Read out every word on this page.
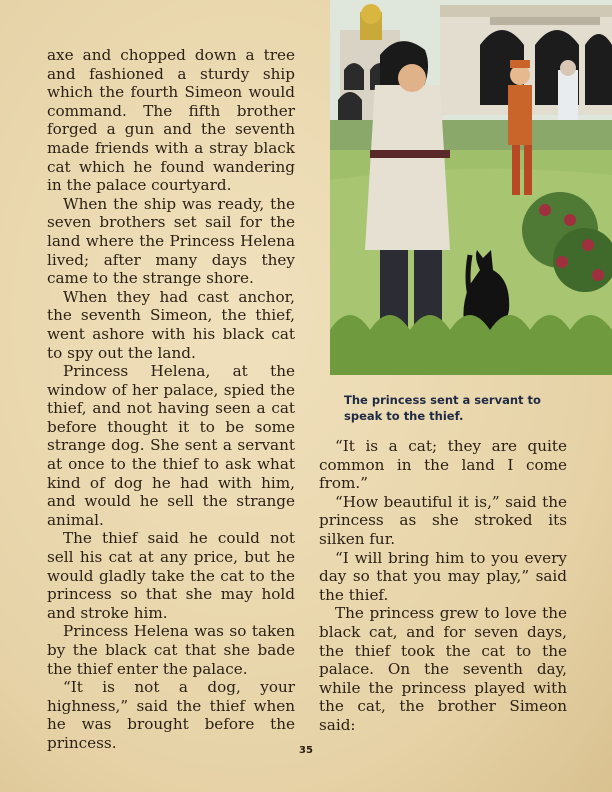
axe and chopped down a tree and fashioned a sturdy ship which the fourth Simeon would command. The fifth brother forged a gun and the seventh made friends with a stray black cat which he found wandering in the palace courtyard.

When the ship was ready, the seven brothers set sail for the land where the Princess Helena lived; after many days they came to the strange shore.

When they had cast anchor, the seventh Simeon, the thief, went ashore with his black cat to spy out the land.

Princess Helena, at the window of her palace, spied the thief, and not having seen a cat before thought it to be some strange dog. She sent a servant at once to the thief to ask what kind of dog he had with him, and would he sell the strange animal.

The thief said he could not sell his cat at any price, but he would gladly take the cat to the princess so that she may hold and stroke him.

Princess Helena was so taken by the black cat that she bade the thief enter the palace.

“It is not a dog, your highness,” said the thief when he was brought before the princess.

The princess sent a servant to speak to the thief.

“It is a cat; they are quite common in the land I come from.”

“How beautiful it is,” said the princess as she stroked its silken fur.

“I will bring him to you every day so that you may play,” said the thief.

The princess grew to love the black cat, and for seven days, the thief took the cat to the palace. On the seventh day, while the princess played with the cat, the brother Simeon said:

35
